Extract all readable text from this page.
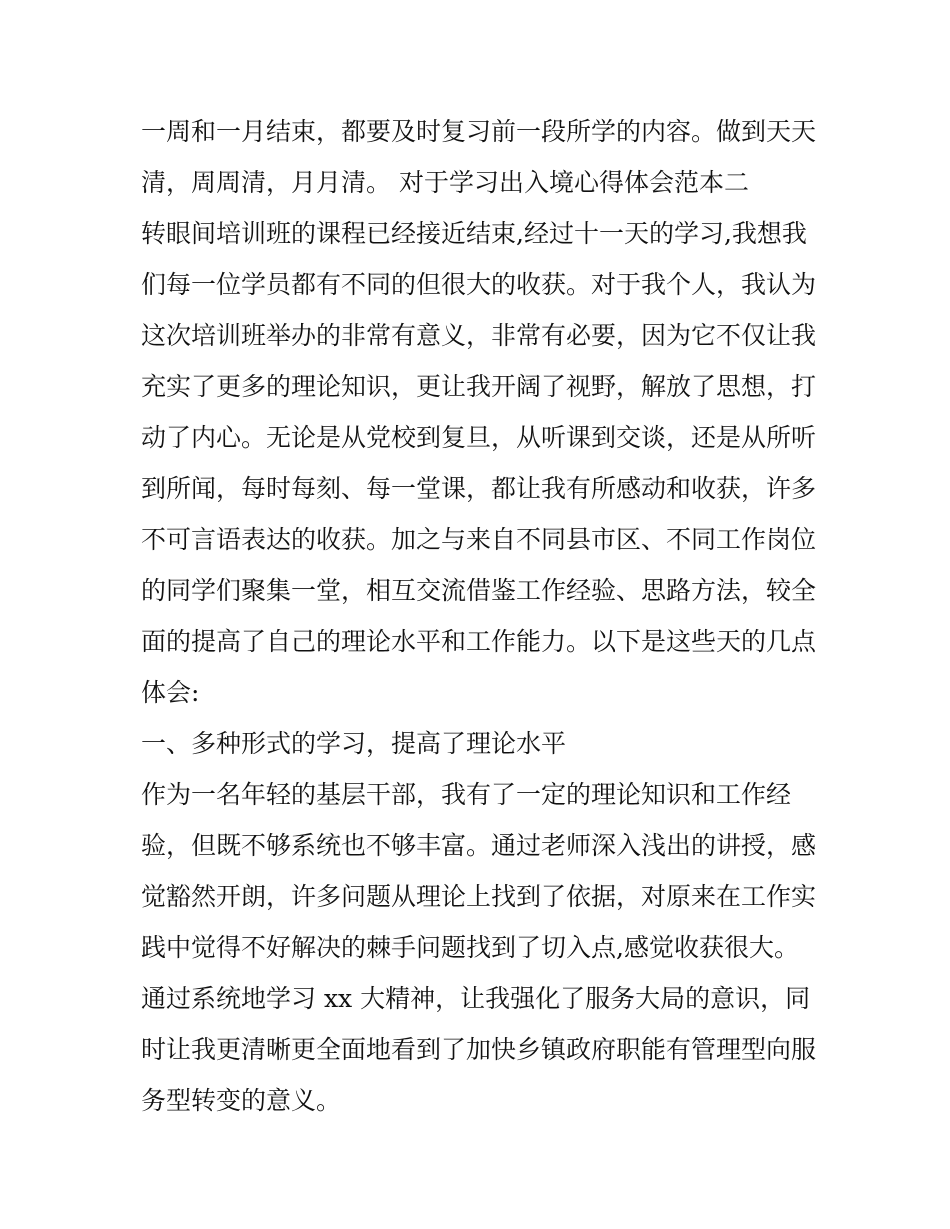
一周和一月结束，都要及时复习前一段所学的内容。做到天天
清，周周清，月月清。 对于学习出入境心得体会范本二
转眼间培训班的课程已经接近结束,经过十一天的学习,我想我
们每一位学员都有不同的但很大的收获。对于我个人，我认为
这次培训班举办的非常有意义，非常有必要，因为它不仅让我
充实了更多的理论知识，更让我开阔了视野，解放了思想，打
动了内心。无论是从党校到复旦，从听课到交谈，还是从所听
到所闻，每时每刻、每一堂课，都让我有所感动和收获，许多
不可言语表达的收获。加之与来自不同县市区、不同工作岗位
的同学们聚集一堂，相互交流借鉴工作经验、思路方法，较全
面的提高了自己的理论水平和工作能力。以下是这些天的几点
体会:
一、多种形式的学习，提高了理论水平
作为一名年轻的基层干部，我有了一定的理论知识和工作经
验，但既不够系统也不够丰富。通过老师深入浅出的讲授，感
觉豁然开朗，许多问题从理论上找到了依据，对原来在工作实
践中觉得不好解决的棘手问题找到了切入点,感觉收获很大。
通过系统地学习 xx 大精神，让我强化了服务大局的意识，同
时让我更清晰更全面地看到了加快乡镇政府职能有管理型向服
务型转变的意义。
